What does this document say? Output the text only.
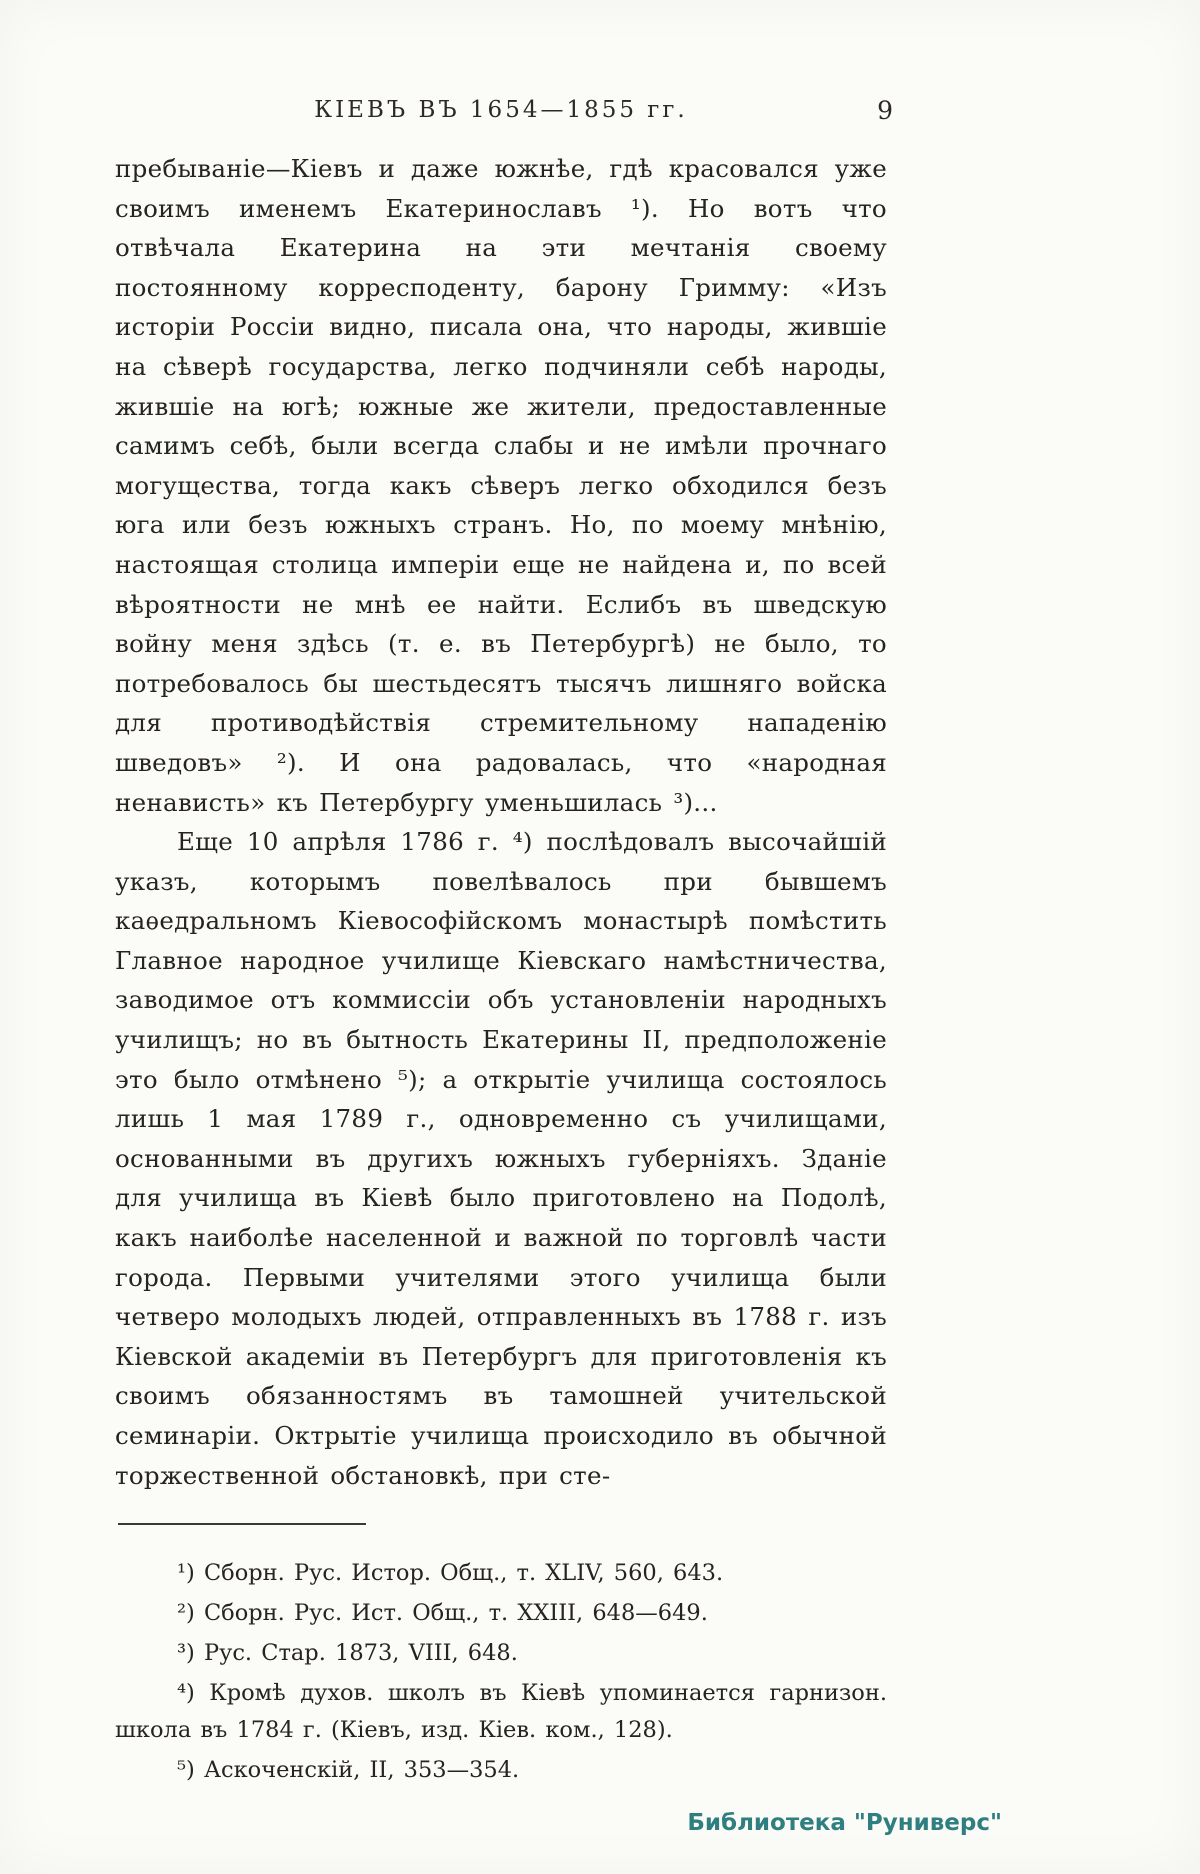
КІЕВЪ ВЪ 1654—1855 гг.	9

пребываніе—Кіевъ и даже южнѣе, гдѣ красовался уже своимъ именемъ Екатеринославъ ¹). Но вотъ что отвѣчала Екатерина на эти мечтанія своему постоянному корресподенту, барону Гримму: «Изъ исторіи Россіи видно, писала она, что народы, жившіе на сѣверѣ государства, легко подчиняли себѣ народы, жившіе на югѣ; южные же жители, предоставленные самимъ себѣ, были всегда слабы и не имѣли прочнаго могущества, тогда какъ сѣверъ легко обходился безъ юга или безъ южныхъ странъ. Но, по моему мнѣнію, настоящая столица имперіи еще не найдена и, по всей вѣроятности не мнѣ ее найти. Еслибъ въ шведскую войну меня здѣсь (т. е. въ Петербургѣ) не было, то потребовалось бы шестьдесятъ тысячъ лишняго войска для противодѣйствія стремительному нападенію шведовъ» ²). И она радовалась, что «народная ненависть» къ Петербургу уменьшилась ³)...

Еще 10 апрѣля 1786 г. ⁴) послѣдовалъ высочайшій указъ, которымъ повелѣвалось при бывшемъ каѳедральномъ Кіевософійскомъ монастырѣ помѣстить Главное народное училище Кіевскаго намѣстничества, заводимое отъ коммиссіи объ установленіи народныхъ училищъ; но въ бытность Екатерины II, предположеніе это было отмѣнено ⁵); а открытіе училища состоялось лишь 1 мая 1789 г., одновременно съ училищами, основанными въ другихъ южныхъ губерніяхъ. Зданіе для училища въ Кіевѣ было приготовлено на Подолѣ, какъ наиболѣе населенной и важной по торговлѣ части города. Первыми учителями этого училища были четверо молодыхъ людей, отправленныхъ въ 1788 г. изъ Кіевской академіи въ Петербургъ для приготовленія къ своимъ обязанностямъ въ тамошней учительской семинаріи. Октрытіе училища происходило въ обычной торжественной обстановкѣ, при сте-

¹) Сборн. Рус. Истор. Общ., т. XLIV, 560, 643.

²) Сборн. Рус. Ист. Общ., т. XXIII, 648—649.

³) Рус. Стар. 1873, VIII, 648.

⁴) Кромѣ духов. школъ въ Кіевѣ упоминается гарнизон. школа въ 1784 г. (Кіевъ, изд. Кіев. ком., 128).

⁵) Аскоченскій, II, 353—354.

Библиотека "Руниверс"
